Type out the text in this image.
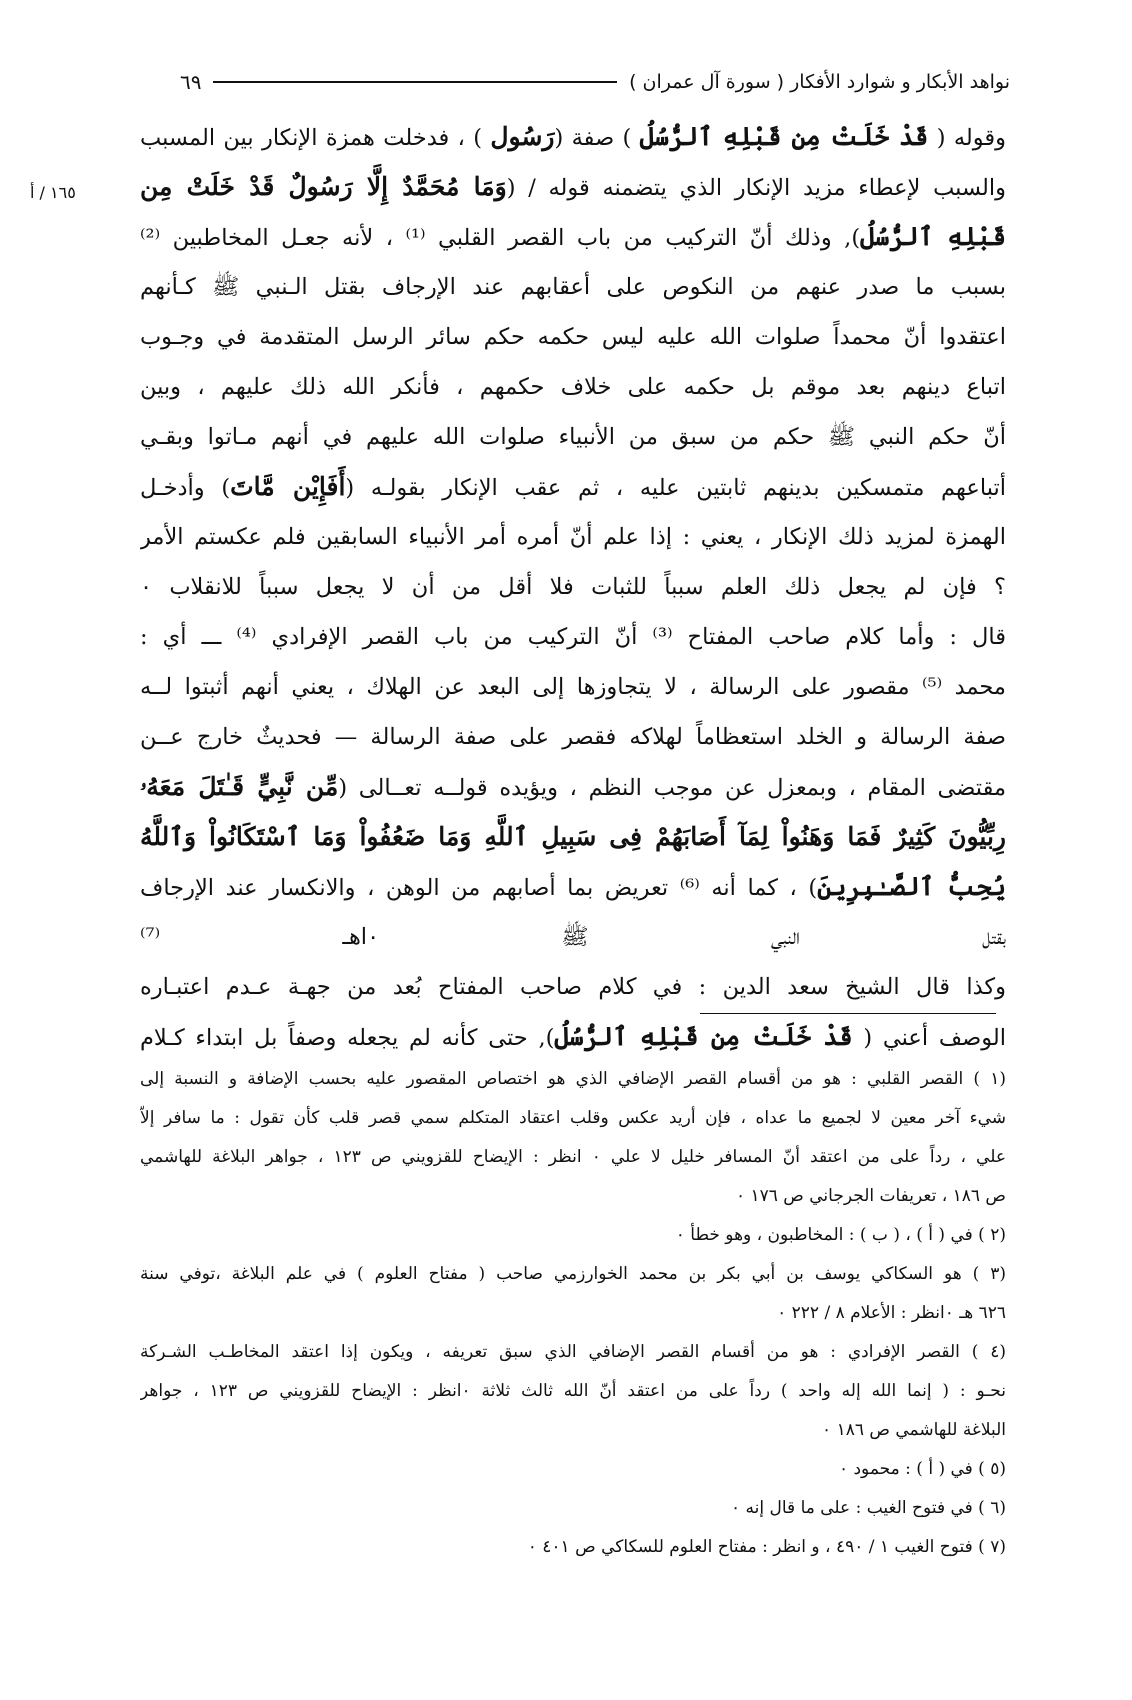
نواهد الأبكار و شوارد الأفكار ( سورة آل عمران )
٦٩
١٦٥ / أ
وقوله ( قَدْ خَلَتْ مِن قَبْلِهِ ٱلرُّسُلُ ) صفة (رَسُول ) ، فدخلت همزة الإنكار بين المسبب
والسبب لإعطاء مزيد الإنكار الذي يتضمنه قوله / (وَمَا مُحَمَّدٌ إِلَّا رَسُولٌ قَدْ خَلَتْ مِن
قَبْلِهِ ٱلرُّسُلُ), وذلك أنّ التركيب من باب القصر القلبي ⁽¹⁾ ، لأنه جعـل المخاطبين ⁽²⁾
بسبب ما صدر عنهم من النكوص على أعقابهم عند الإرجاف بقتل الـنبي ﷺ كـأنهم
اعتقدوا أنّ محمداً صلوات الله عليه ليس حكمه حكم سائر الرسل المتقدمة في وجـوب
اتباع دينهم بعد موقم بل حكمه على خلاف حكمهم ، فأنكر الله ذلك عليهم ، وبين
أنّ حكم النبي ﷺ حكم من سبق من الأنبياء صلوات الله عليهم في أنهم مـاتوا وبقـي
أتباعهم متمسكين بدينهم ثابتين عليه ، ثم عقب الإنكار بقولـه (أَفَإِيْن مَّاتَ) وأدخـل
الهمزة لمزيد ذلك الإنكار ، يعني : إذا علم أنّ أمره أمر الأنبياء السابقين فلم عكستم الأمر
؟ فإن لم يجعل ذلك العلم سبباً للثبات فلا أقل من أن لا يجعل سبباً للانقلاب ٠
قال : وأما كلام صاحب المفتاح ⁽³⁾ أنّ التركيب من باب القصر الإفرادي ⁽⁴⁾ ـــ أي :
محمد ⁽⁵⁾ مقصور على الرسالة ، لا يتجاوزها إلى البعد عن الهلاك ، يعني أنهم أثبتوا لــه
صفة الرسالة و الخلد استعظاماً لهلاكه فقصر على صفة الرسالة — فحديثٌ خارج عــن
مقتضى المقام ، وبمعزل عن موجب النظم ، ويؤيده قولــه تعــالى (مِّن نَّبِيٍّ قَـٰتَلَ مَعَهُۥ
رِبِّيُّونَ كَثِيرٌ فَمَا وَهَنُواْ لِمَآ أَصَابَهُمْ فِى سَبِيلِ ٱللَّهِ وَمَا ضَعُفُواْ وَمَا ٱسْتَكَانُواْ وَٱللَّهُ
يُحِبُّ ٱلصَّـٰبِرِينَ) ، كما أنه ⁽⁶⁾ تعريض بما أصابهم من الوهن ، والانكسار عند الإرجاف
بقتل النبي ﷺ ٠اهـ ⁽⁷⁾
وكذا قال الشيخ سعد الدين : في كلام صاحب المفتاح بُعد من جهـة عـدم اعتبـاره
الوصف أعني ( قَدْ خَلَتْ مِن قَبْلِهِ ٱلرُّسُلُ), حتى كأنه لم يجعله وصفاً بل ابتداء كـلام
(١ ) القصر القلبي : هو من أقسام القصر الإضافي الذي هو اختصاص المقصور عليه بحسب الإضافة و النسبة إلى
شيء آخر معين لا لجميع ما عداه ، فإن أريد عكس وقلب اعتقاد المتكلم سمي قصر قلب كأن تقول : ما سافر إلاّ
علي ، رداً على من اعتقد أنّ المسافر خليل لا علي ٠ انظر : الإيضاح للقزويني ص ١٢٣ ، جواهر البلاغة للهاشمي
ص ١٨٦ ، تعريفات الجرجاني ص ١٧٦ ٠
(٢ ) في ( أ ) ، ( ب ) : المخاطبون ، وهو خطأ ٠
(٣ ) هو السكاكي يوسف بن أبي بكر بن محمد الخوارزمي صاحب ( مفتاح العلوم ) في علم البلاغة ،توفي سنة
٦٢٦ هـ ٠انظر : الأعلام ٨ / ٢٢٢ ٠
(٤ ) القصر الإفرادي : هو من أقسام القصر الإضافي الذي سبق تعريفه ، ويكون إذا اعتقد المخاطـب الشـركة
نحـو : ( إنما الله إله واحد ) رداً على من اعتقد أنّ الله ثالث ثلاثة ٠انظر : الإيضاح للقزويني ص ١٢٣ ، جواهر
البلاغة للهاشمي ص ١٨٦ ٠
(٥ ) في ( أ ) : محمود ٠
(٦ ) في فتوح الغيب : على ما قال إنه ٠
(٧ ) فتوح الغيب ١ / ٤٩٠ ، و انظر : مفتاح العلوم للسكاكي ص ٤٠١ ٠
